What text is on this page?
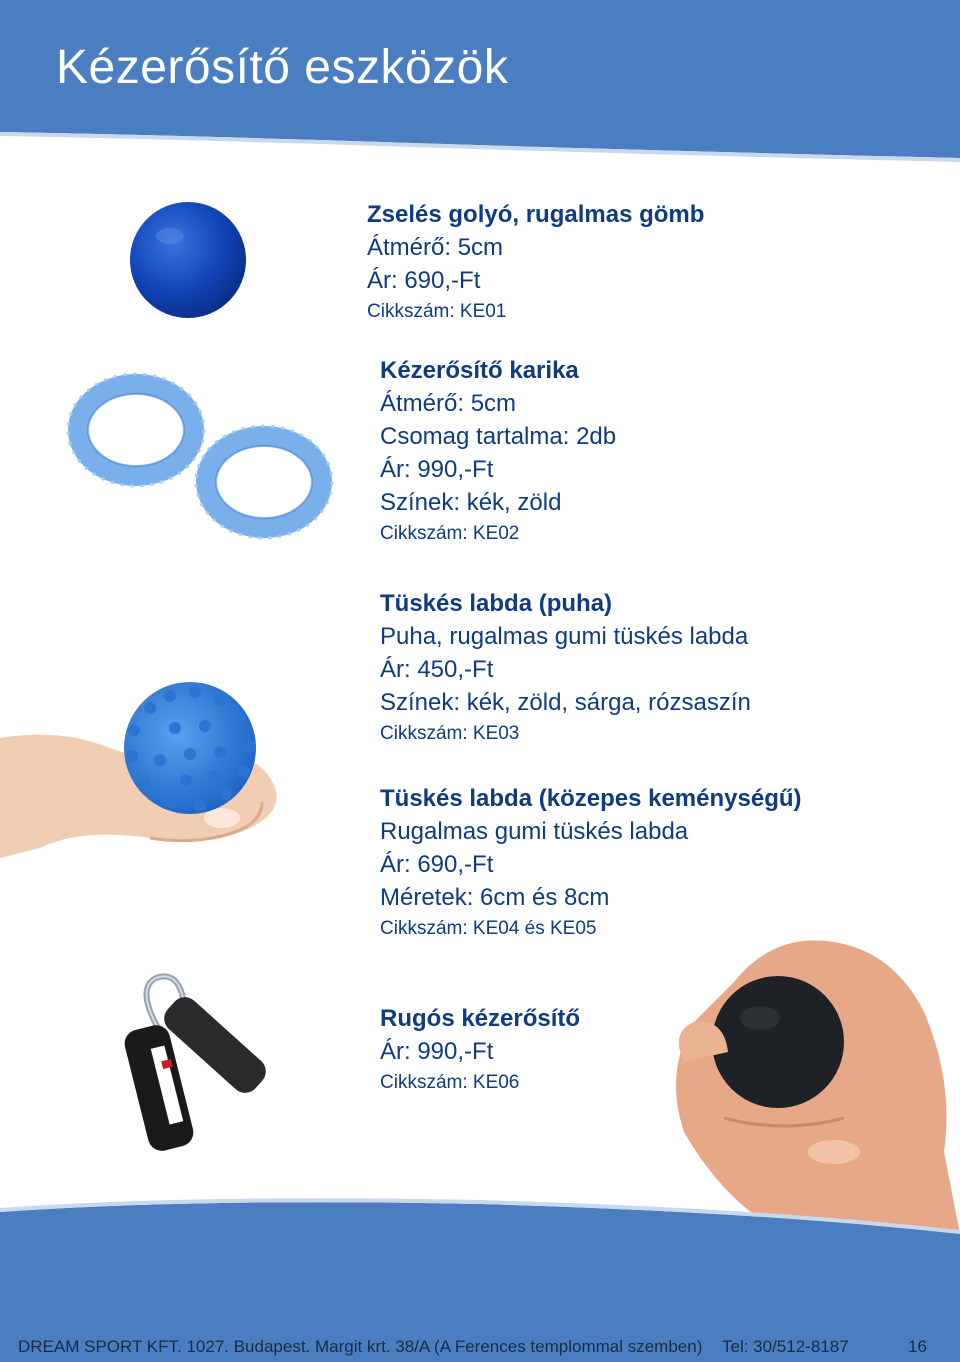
Kézerősítő eszközök
Zselés golyó, rugalmas gömb
Átmérő: 5cm
Ár: 690,-Ft
Cikkszám: KE01
Kézerősítő karika
Átmérő: 5cm
Csomag tartalma: 2db
Ár: 990,-Ft
Színek: kék, zöld
Cikkszám: KE02
Tüskés labda (puha)
Puha, rugalmas gumi tüskés labda
Ár: 450,-Ft
Színek: kék, zöld, sárga, rózsaszín
Cikkszám: KE03
Tüskés labda (közepes keménységű)
Rugalmas gumi tüskés labda
Ár: 690,-Ft
Méretek: 6cm és 8cm
Cikkszám: KE04 és KE05
Rugós kézerősítő
Ár: 990,-Ft
Cikkszám: KE06
DREAM SPORT KFT. 1027. Budapest. Margit krt. 38/A (A Ferences templommal szemben) Tel: 30/512-8187	16
